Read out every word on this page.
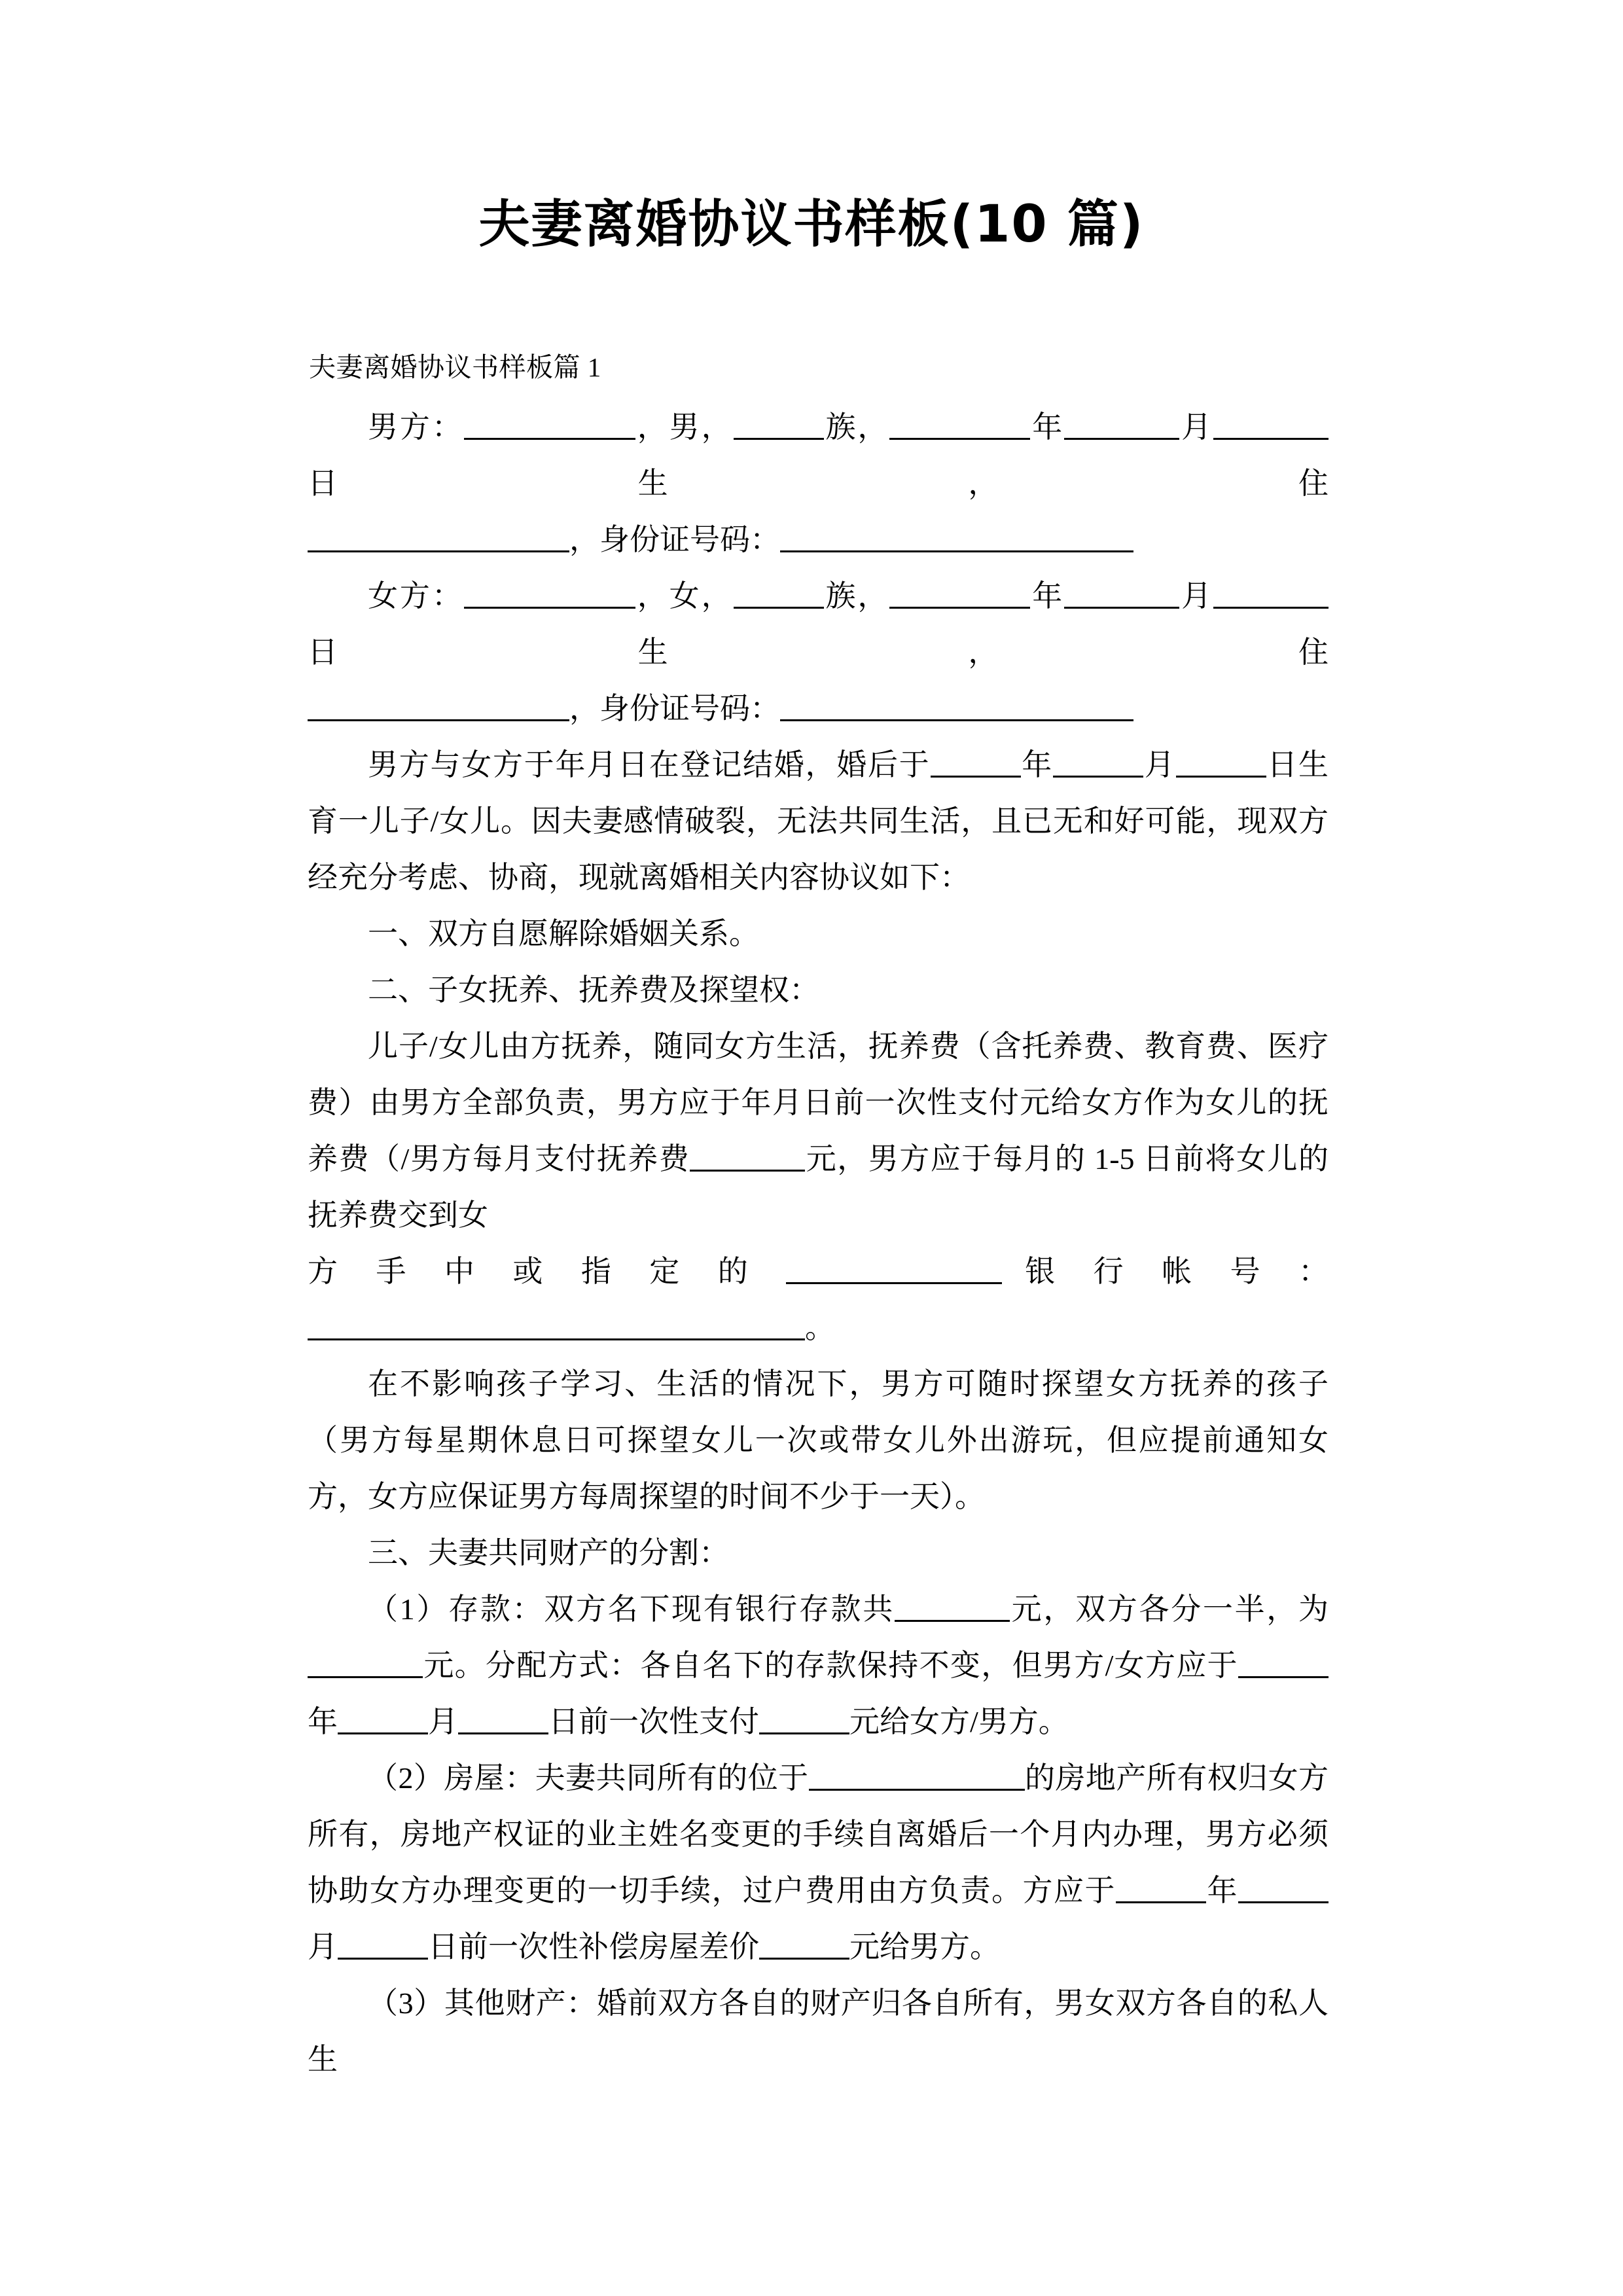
夫妻离婚协议书样板(10 篇)
夫妻离婚协议书样板篇 1

男方：	，男，	族，	年	月日生，住

，身份证号码：

女方：	，女，	族，	年	月日生，住

，身份证号码：

男方与女方于年月日在登记结婚，婚后于	年	月	日生育一儿子/女儿。因夫妻感情破裂，无法共同生活，且已无和好可能，现双方经充分考虑、协商，现就离婚相关内容协议如下：

一、双方自愿解除婚姻关系。

二、子女抚养、抚养费及探望权：

儿子/女儿由方抚养，随同女方生活，抚养费（含托养费、教育费、医疗费）由男方全部负责，男方应于年月日前一次性支付元给女方作为女儿的抚养费（/男方每月支付抚养费	元，男方应于每月的 1-5 日前将女儿的抚养费交到女

方 手 中 或 指 定 的	银 行 帐 号 ：

。

在不影响孩子学习、生活的情况下，男方可随时探望女方抚养的孩子（男方每星期休息日可探望女儿一次或带女儿外出游玩，但应提前通知女方，女方应保证男方每周探望的时间不少于一天）。

三、夫妻共同财产的分割：

（1）存款：双方名下现有银行存款共	元，双方各分一半，为元。分配方式：各自名下的存款保持不变，但男方/女方应于年	月	日前一次性支付	元给女方/男方。

（2）房屋：夫妻共同所有的位于	的房地产所有权归女方所有，房地产权证的业主姓名变更的手续自离婚后一个月内办理，男方必须协助女方办理变更的一切手续，过户费用由方负责。方应于	年月	日前一次性补偿房屋差价	元给男方。

（3）其他财产：婚前双方各自的财产归各自所有，男女双方各自的私人生
